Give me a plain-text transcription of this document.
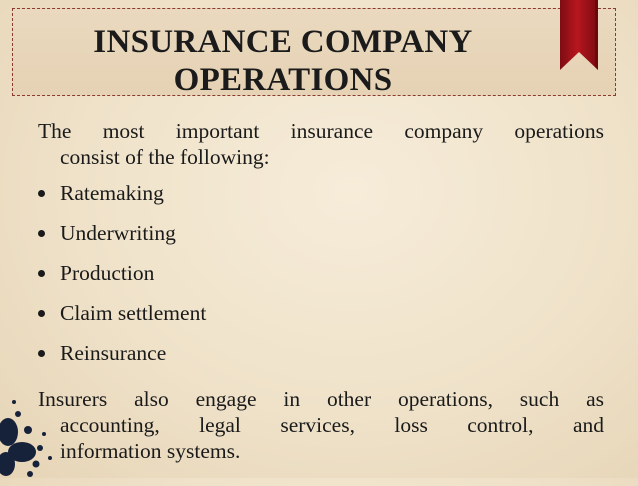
INSURANCE COMPANY
OPERATIONS

The most important insurance company operations
consist of the following:

Ratemaking
Underwriting
Production
Claim settlement
Reinsurance

Insurers also engage in other operations, such as
accounting, legal services, loss control, and
information systems.
